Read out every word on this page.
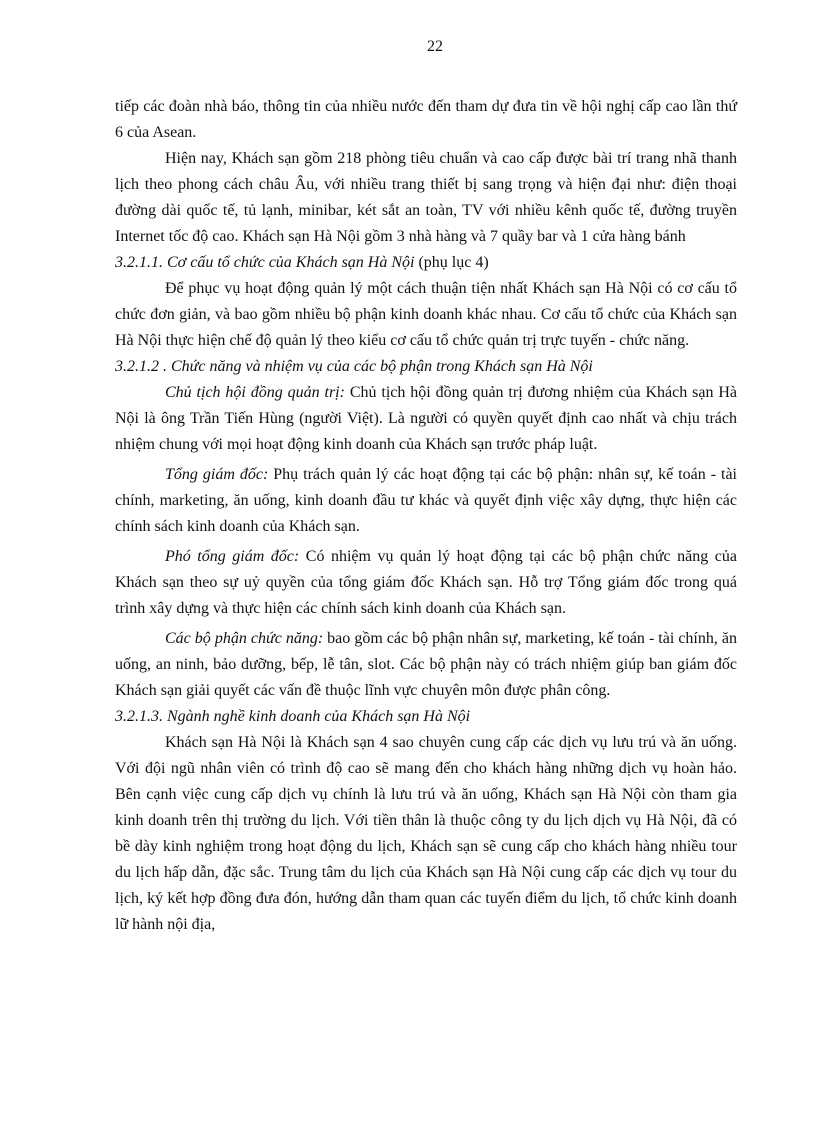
22

tiếp các đoàn nhà báo, thông tin của nhiều nước đến tham dự đưa tin về hội nghị cấp cao lần thứ 6 của Asean.

Hiện nay, Khách sạn gồm 218 phòng tiêu chuẩn và cao cấp được bài trí trang nhã thanh lịch theo phong cách châu Âu, với nhiều trang thiết bị sang trọng và hiện đại như: điện thoại đường dài quốc tế, tủ lạnh, minibar, két sắt an toàn, TV với nhiều kênh quốc tế, đường truyền Internet tốc độ cao. Khách sạn Hà Nội gồm 3 nhà hàng và 7 quầy bar và 1 cửa hàng bánh

3.2.1.1. Cơ cấu tổ chức của Khách sạn Hà Nội (phụ lục 4)

Để phục vụ hoạt động quản lý một cách thuận tiện nhất Khách sạn Hà Nội có cơ cấu tổ chức đơn giản, và bao gồm nhiều bộ phận kinh doanh khác nhau. Cơ cấu tổ chức của Khách sạn Hà Nội thực hiện chế độ quản lý theo kiểu cơ cấu tổ chức quản trị trực tuyến - chức năng.

3.2.1.2 . Chức năng và nhiệm vụ của các bộ phận trong Khách sạn Hà Nội

Chủ tịch hội đồng quản trị: Chủ tịch hội đồng quản trị đương nhiệm của Khách sạn Hà Nội là ông Trần Tiến Hùng (người Việt). Là người có quyền quyết định cao nhất và chịu trách nhiệm chung với mọi hoạt động kinh doanh của Khách sạn trước pháp luật.

Tổng giám đốc: Phụ trách quản lý các hoạt động tại các bộ phận: nhân sự, kế toán - tài chính, marketing, ăn uống, kinh doanh đầu tư khác và quyết định việc xây dựng, thực hiện các chính sách kinh doanh của Khách sạn.

Phó tổng giám đốc: Có nhiệm vụ quản lý hoạt động tại các bộ phận chức năng của Khách sạn theo sự uỷ quyền của tổng giám đốc Khách sạn. Hỗ trợ Tổng giám đốc trong quá trình xây dựng và thực hiện các chính sách kinh doanh của Khách sạn.

Các bộ phận chức năng: bao gồm các bộ phận nhân sự, marketing, kế toán - tài chính, ăn uống, an ninh, bảo dưỡng, bếp, lễ tân, slot. Các bộ phận này có trách nhiệm giúp ban giám đốc Khách sạn giải quyết các vấn đề thuộc lĩnh vực chuyên môn được phân công.

3.2.1.3. Ngành nghề kinh doanh của Khách sạn Hà Nội

Khách sạn Hà Nội là Khách sạn 4 sao chuyên cung cấp các dịch vụ lưu trú và ăn uống. Với đội ngũ nhân viên có trình độ cao sẽ mang đến cho khách hàng những dịch vụ hoàn hảo. Bên cạnh việc cung cấp dịch vụ chính là lưu trú và ăn uống, Khách sạn Hà Nội còn tham gia kinh doanh trên thị trường du lịch. Với tiền thân là thuộc công ty du lịch dịch vụ Hà Nội, đã có bề dày kinh nghiệm trong hoạt động du lịch, Khách sạn sẽ cung cấp cho khách hàng nhiều tour du lịch hấp dẫn, đặc sắc. Trung tâm du lịch của Khách sạn Hà Nội cung cấp các dịch vụ tour du lịch, ký kết hợp đồng đưa đón, hướng dẫn tham quan các tuyến điểm du lịch, tổ chức kinh doanh lữ hành nội địa,
